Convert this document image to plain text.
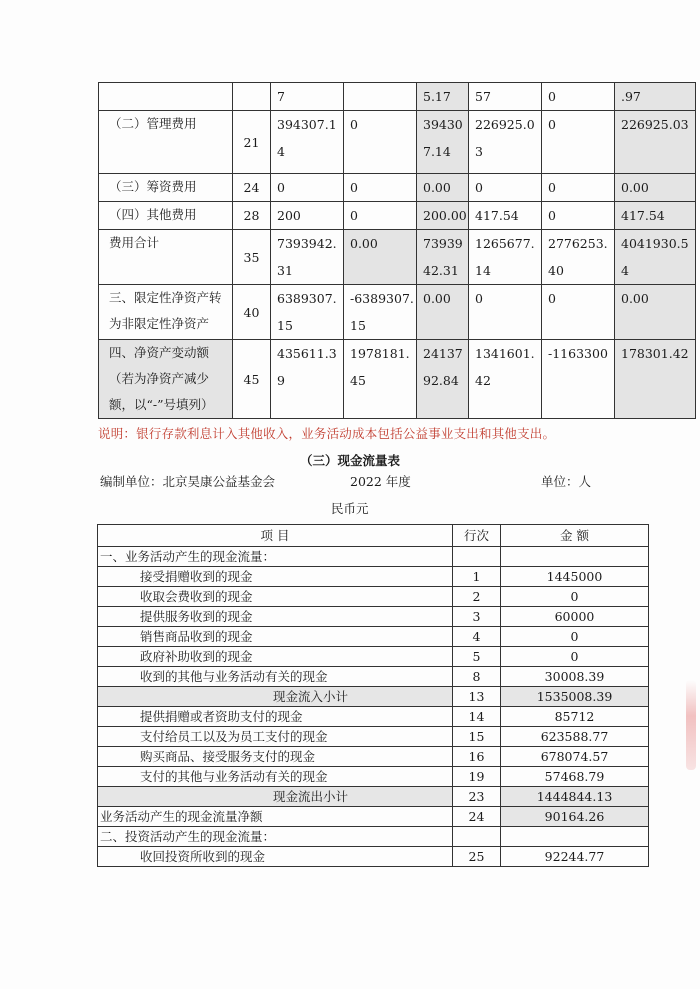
		7		5.17	57	0	.97
（二）管理费用	21	394307.14	0	394307.14	226925.03	0	226925.03
（三）筹资费用	24	0	0	0.00	0	0	0.00
（四）其他费用	28	200	0	200.00	417.54	0	417.54
费用合计	35	7393942.31	0.00	7393942.31	1265677.14	2776253.40	4041930.54
三、限定性净资产转为非限定性净资产	40	6389307.15	-6389307.15	0.00	0	0	0.00
四、净资产变动额（若为净资产减少额，以“-”号填列）	45	435611.39	1978181.45	2413792.84	1341601.42	-1163300	178301.42
说明：银行存款利息计入其他收入，业务活动成本包括公益事业支出和其他支出。
（三）现金流量表
编制单位：北京昊康公益基金会	2022 年度	单位：人
民币元
项 目	行次	金 额
一、业务活动产生的现金流量：		
接受捐赠收到的现金	1	1445000
收取会费收到的现金	2	0
提供服务收到的现金	3	60000
销售商品收到的现金	4	0
政府补助收到的现金	5	0
收到的其他与业务活动有关的现金	8	30008.39
现金流入小计	13	1535008.39
提供捐赠或者资助支付的现金	14	85712
支付给员工以及为员工支付的现金	15	623588.77
购买商品、接受服务支付的现金	16	678074.57
支付的其他与业务活动有关的现金	19	57468.79
现金流出小计	23	1444844.13
业务活动产生的现金流量净额	24	90164.26
二、投资活动产生的现金流量：		
收回投资所收到的现金	25	92244.77
